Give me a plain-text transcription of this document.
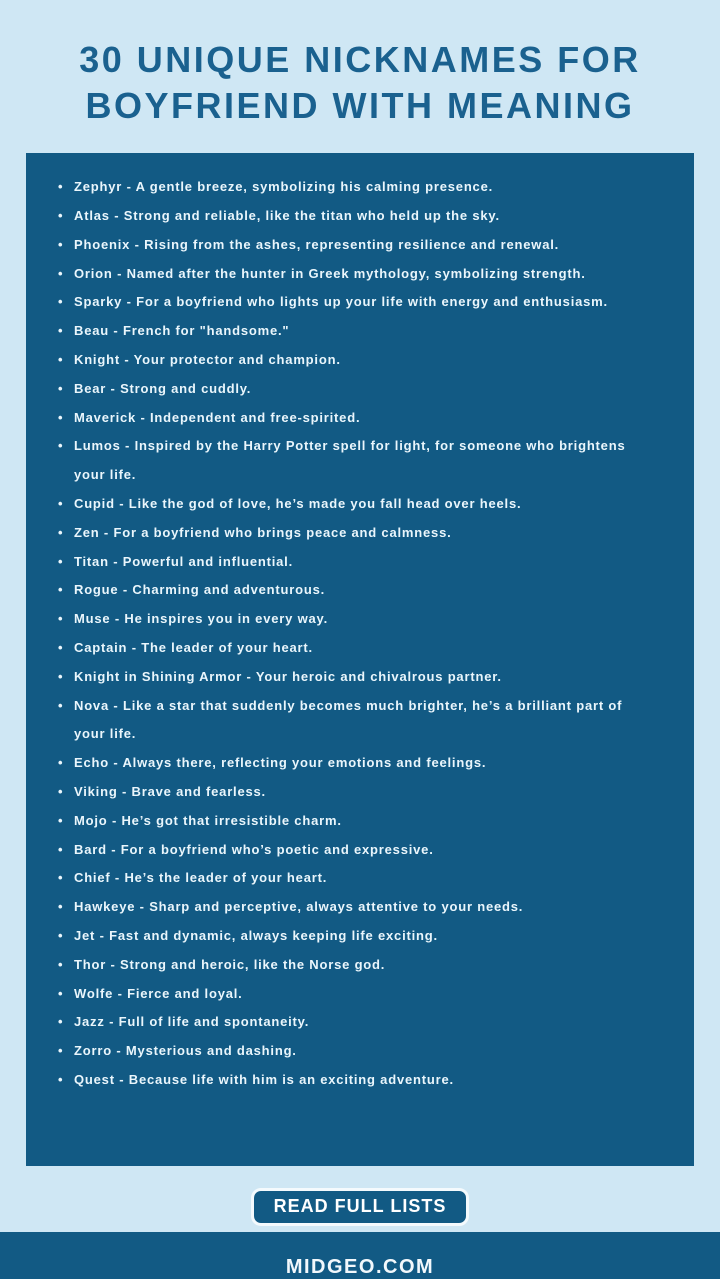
30 UNIQUE NICKNAMES FOR
BOYFRIEND WITH MEANING
• Zephyr - A gentle breeze, symbolizing his calming presence.
• Atlas - Strong and reliable, like the titan who held up the sky.
• Phoenix - Rising from the ashes, representing resilience and renewal.
• Orion - Named after the hunter in Greek mythology, symbolizing strength.
• Sparky - For a boyfriend who lights up your life with energy and enthusiasm.
• Beau - French for "handsome."
• Knight - Your protector and champion.
• Bear - Strong and cuddly.
• Maverick - Independent and free-spirited.
• Lumos - Inspired by the Harry Potter spell for light, for someone who brightens your life.
• Cupid - Like the god of love, he’s made you fall head over heels.
• Zen - For a boyfriend who brings peace and calmness.
• Titan - Powerful and influential.
• Rogue - Charming and adventurous.
• Muse - He inspires you in every way.
• Captain - The leader of your heart.
• Knight in Shining Armor - Your heroic and chivalrous partner.
• Nova - Like a star that suddenly becomes much brighter, he’s a brilliant part of your life.
• Echo - Always there, reflecting your emotions and feelings.
• Viking - Brave and fearless.
• Mojo - He’s got that irresistible charm.
• Bard - For a boyfriend who’s poetic and expressive.
• Chief - He’s the leader of your heart.
• Hawkeye - Sharp and perceptive, always attentive to your needs.
• Jet - Fast and dynamic, always keeping life exciting.
• Thor - Strong and heroic, like the Norse god.
• Wolfe - Fierce and loyal.
• Jazz - Full of life and spontaneity.
• Zorro - Mysterious and dashing.
• Quest - Because life with him is an exciting adventure.
READ FULL LISTS
MIDGEO.COM
